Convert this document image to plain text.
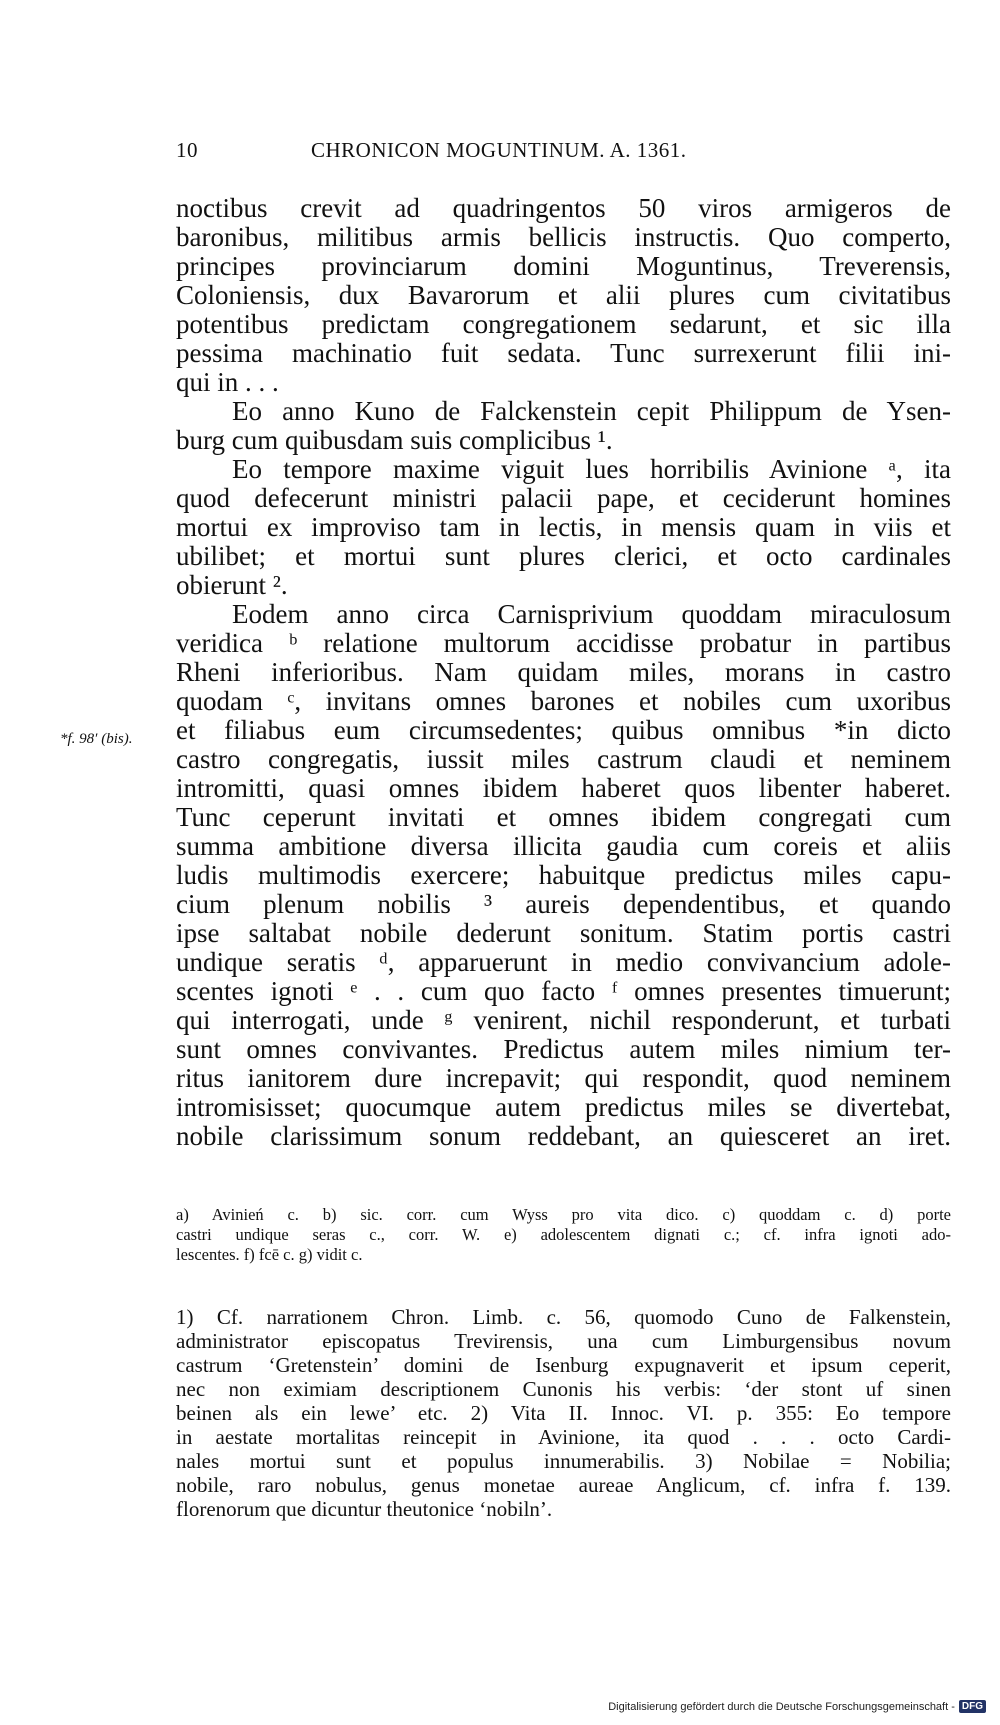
10	CHRONICON MOGUNTINUM. A. 1361.
*f. 98′ (bis).
noctibus crevit ad quadringentos 50 viros armigeros de
baronibus, militibus armis bellicis instructis. Quo comperto,
principes provinciarum domini Moguntinus, Treverensis,
Coloniensis, dux Bavarorum et alii plures cum civitatibus
potentibus predictam congregationem sedarunt, et sic illa
pessima machinatio fuit sedata. Tunc surrexerunt filii ini-
qui in . . .
Eo anno Kuno de Falckenstein cepit Philippum de Ysen-
burg cum quibusdam suis complicibus ¹.
Eo tempore maxime viguit lues horribilis Avinione ᵃ, ita
quod defecerunt ministri palacii pape, et ceciderunt homines
mortui ex improviso tam in lectis, in mensis quam in viis et
ubilibet; et mortui sunt plures clerici, et octo cardinales
obierunt ².
Eodem anno circa Carnisprivium quoddam miraculosum
veridica ᵇ relatione multorum accidisse probatur in partibus
Rheni inferioribus. Nam quidam miles, morans in castro
quodam ᶜ, invitans omnes barones et nobiles cum uxoribus
et filiabus eum circumsedentes; quibus omnibus *in dicto
castro congregatis, iussit miles castrum claudi et neminem
intromitti, quasi omnes ibidem haberet quos libenter haberet.
Tunc ceperunt invitati et omnes ibidem congregati cum
summa ambitione diversa illicita gaudia cum coreis et aliis
ludis multimodis exercere; habuitque predictus miles capu-
cium plenum nobilis ³ aureis dependentibus, et quando
ipse saltabat nobile dederunt sonitum. Statim portis castri
undique seratis ᵈ, apparuerunt in medio convivancium adole-
scentes ignoti ᵉ . . cum quo facto ᶠ omnes presentes timuerunt;
qui interrogati, unde ᵍ venirent, nichil responderunt, et turbati
sunt omnes convivantes. Predictus autem miles nimium ter-
ritus ianitorem dure increpavit; qui respondit, quod neminem
intromisisset; quocumque autem predictus miles se divertebat,
nobile clarissimum sonum reddebant, an quiesceret an iret.
a) Avinień c. b) sic. corr. cum Wyss pro vita dico. c) quoddam c. d) porte
castri undique seras c., corr. W. e) adolescentem dignati c.; cf. infra ignoti ado-
lescentes. f) fcē c. g) vidit c.
1) Cf. narrationem Chron. Limb. c. 56, quomodo Cuno de Falkenstein,
administrator episcopatus Trevirensis, una cum Limburgensibus novum
castrum ‘Gretenstein’ domini de Isenburg expugnaverit et ipsum ceperit,
nec non eximiam descriptionem Cunonis his verbis: ‘der stont uf sinen
beinen als ein lewe’ etc. 2) Vita II. Innoc. VI. p. 355: Eo tempore
in aestate mortalitas reincepit in Avinione, ita quod . . . octo Cardi-
nales mortui sunt et populus innumerabilis. 3) Nobilae = Nobilia;
nobile, raro nobulus, genus monetae aureae Anglicum, cf. infra f. 139.
florenorum que dicuntur theutonice ‘nobiln’.
Digitalisierung gefördert durch die Deutsche Forschungsgemeinschaft - DFG
